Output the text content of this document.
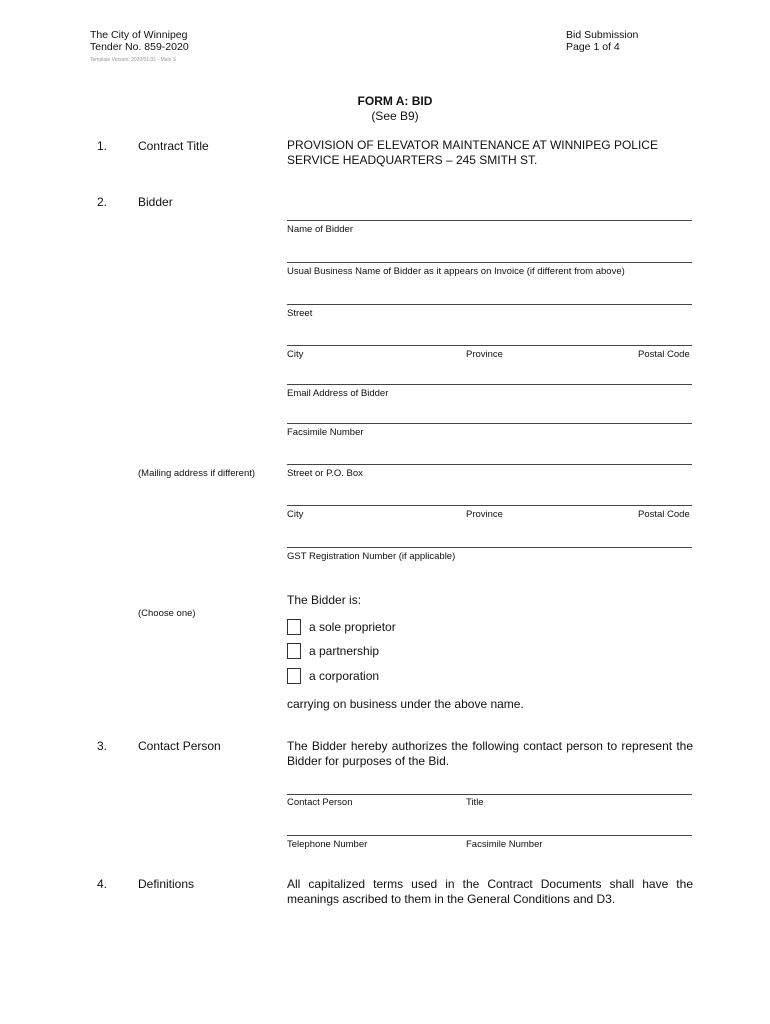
The City of Winnipeg
Tender No. 859-2020
Template Version: 2020/01/31 - Main S
Bid Submission
Page 1 of 4
FORM A: BID
(See B9)
1.	Contract Title	PROVISION OF ELEVATOR MAINTENANCE AT WINNIPEG POLICE
SERVICE HEADQUARTERS – 245 SMITH ST.
2.	Bidder
Name of Bidder
Usual Business Name of Bidder as it appears on Invoice (if different from above)
Street
City	Province	Postal Code
Email Address of Bidder
Facsimile Number
(Mailing address if different)	Street or P.O. Box
City	Province	Postal Code
GST Registration Number (if applicable)
The Bidder is:
(Choose one)
a sole proprietor
a partnership
a corporation
carrying on business under the above name.
3.	Contact Person	The Bidder hereby authorizes the following contact person to represent the Bidder for purposes of the Bid.
Contact Person	Title
Telephone Number	Facsimile Number
4.	Definitions	All capitalized terms used in the Contract Documents shall have the meanings ascribed to them in the General Conditions and D3.
